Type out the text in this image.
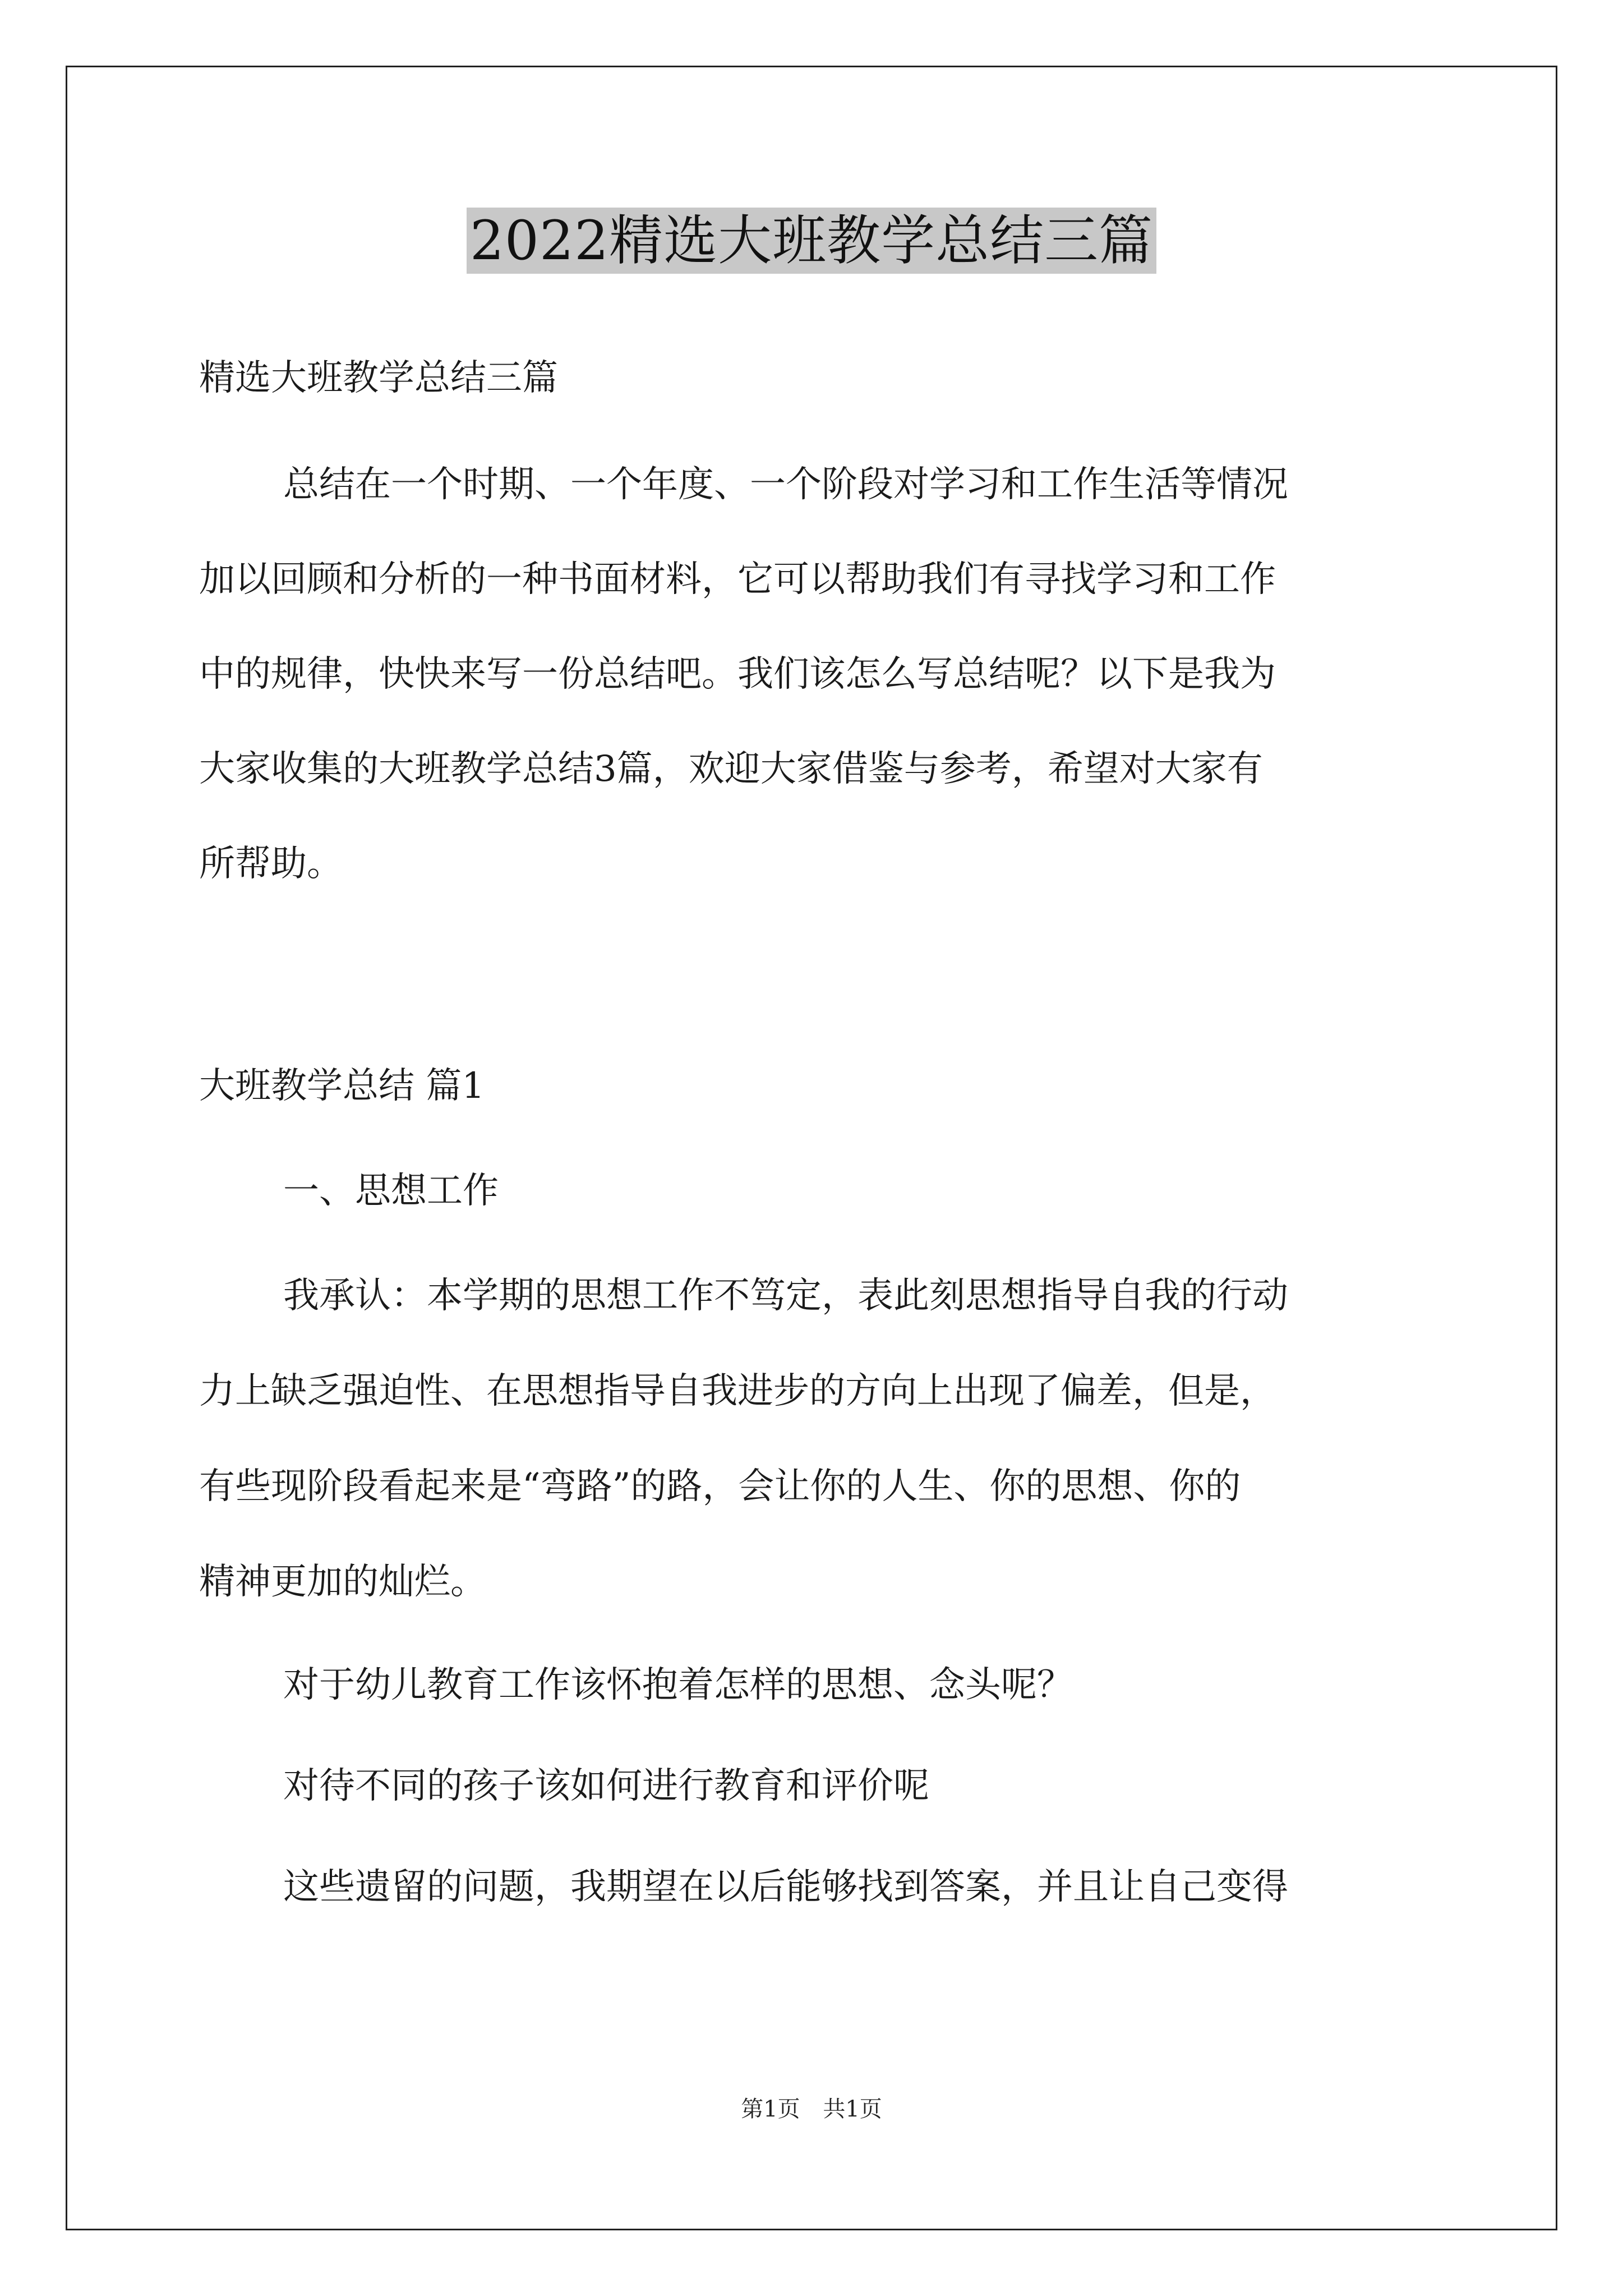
2022精选大班教学总结三篇

精选大班教学总结三篇

总结在一个时期、一个年度、一个阶段对学习和工作生活等情况

加以回顾和分析的一种书面材料，它可以帮助我们有寻找学习和工作

中的规律，快快来写一份总结吧。我们该怎么写总结呢？以下是我为

大家收集的大班教学总结3篇，欢迎大家借鉴与参考，希望对大家有

所帮助。

大班教学总结 篇1

一、思想工作

我承认：本学期的思想工作不笃定，表此刻思想指导自我的行动

力上缺乏强迫性、在思想指导自我进步的方向上出现了偏差，但是，

有些现阶段看起来是“弯路”的路，会让你的人生、你的思想、你的

精神更加的灿烂。

对于幼儿教育工作该怀抱着怎样的思想、念头呢？

对待不同的孩子该如何进行教育和评价呢

这些遗留的问题，我期望在以后能够找到答案，并且让自己变得

第1页 共1页
